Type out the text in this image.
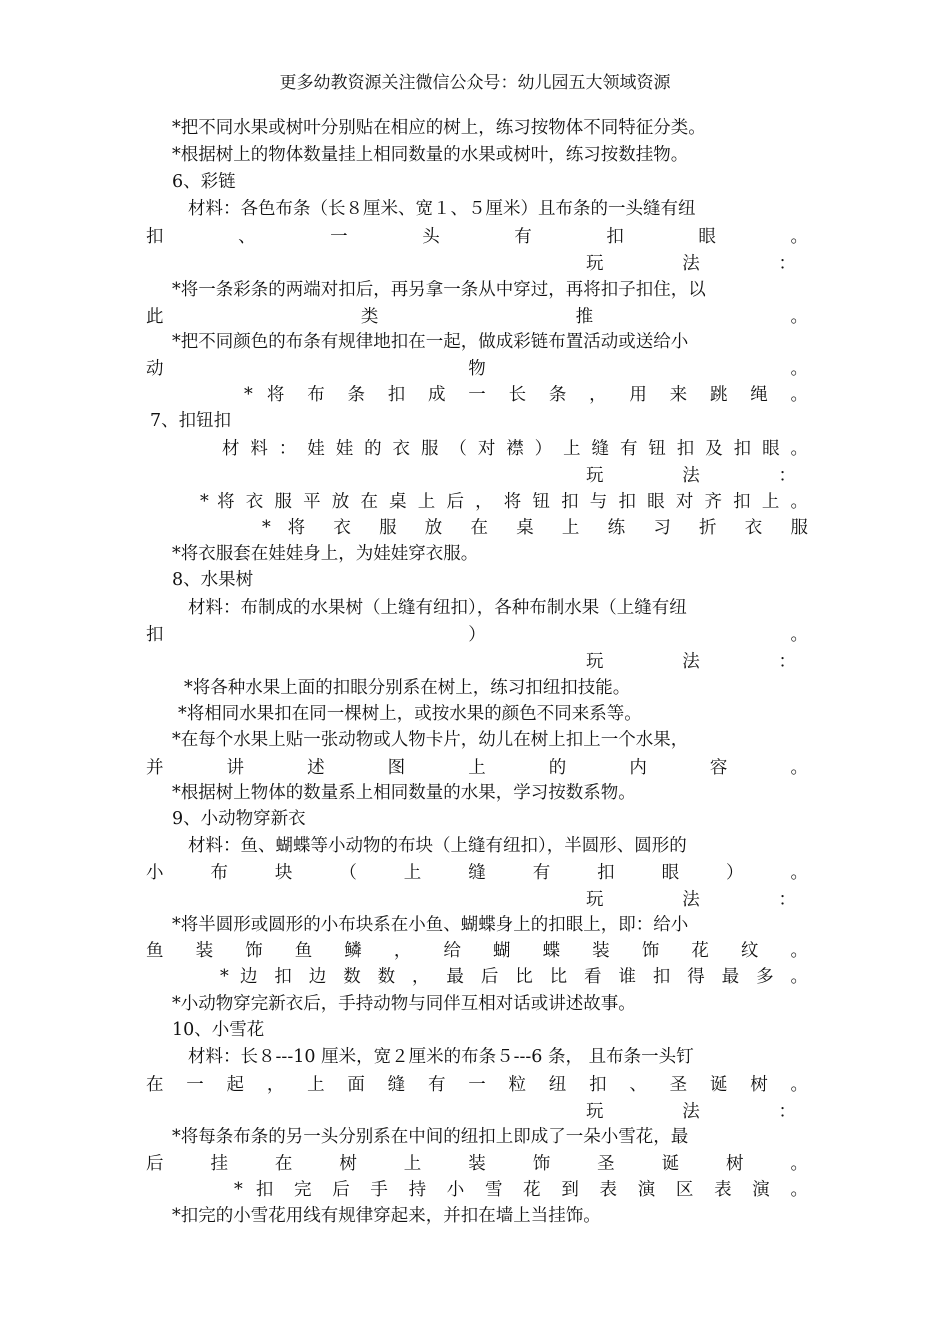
更多幼教资源关注微信公众号：幼儿园五大领域资源
*把不同水果或树叶分别贴在相应的树上，练习按物体不同特征分类。
*根据树上的物体数量挂上相同数量的水果或树叶，练习按数挂物。
6、彩链
材料：各色布条（长８厘米、宽１、５厘米）且布条的一头缝有纽
扣 、 一 头 有 扣 眼 。
玩 法 ：
*将一条彩条的两端对扣后，再另拿一条从中穿过，再将扣子扣住，以
此 类 推 。
*把不同颜色的布条有规律地扣在一起，做成彩链布置活动或送给小
动 物 。
* 将 布 条 扣 成 一 长 条 ， 用 来 跳 绳 。
7、扣钮扣
材 料 ： 娃 娃 的 衣 服 （ 对 襟 ） 上 缝 有 钮 扣 及 扣 眼 。
玩 法 ：
* 将 衣 服 平 放 在 桌 上 后 ， 将 钮 扣 与 扣 眼 对 齐 扣 上 。
* 将 衣 服 放 在 桌 上 练 习 折 衣 服
*将衣服套在娃娃身上，为娃娃穿衣服。
8、水果树
材料：布制成的水果树（上缝有纽扣），各种布制水果（上缝有纽
扣 ） 。
玩 法 ：
*将各种水果上面的扣眼分别系在树上，练习扣纽扣技能。
*将相同水果扣在同一棵树上，或按水果的颜色不同来系等。
*在每个水果上贴一张动物或人物卡片，幼儿在树上扣上一个水果，
并 讲 述 图 上 的 内 容 。
*根据树上物体的数量系上相同数量的水果，学习按数系物。
9、小动物穿新衣
材料：鱼、蝴蝶等小动物的布块（上缝有纽扣），半圆形、圆形的
小 布 块 （ 上 缝 有 扣 眼 ） 。
玩 法 ：
*将半圆形或圆形的小布块系在小鱼、蝴蝶身上的扣眼上，即：给小
鱼 装 饰 鱼 鳞 ， 给 蝴 蝶 装 饰 花 纹 。
* 边 扣 边 数 数 ， 最 后 比 比 看 谁 扣 得 最 多 。
*小动物穿完新衣后，手持动物与同伴互相对话或讲述故事。
10、小雪花
材料：长８---10 厘米，宽２厘米的布条５---6 条， 且布条一头钉
在 一 起 ， 上 面 缝 有 一 粒 纽 扣 、 圣 诞 树 。
玩 法 ：
*将每条布条的另一头分别系在中间的纽扣上即成了一朵小雪花，最
后 挂 在 树 上 装 饰 圣 诞 树 。
* 扣 完 后 手 持 小 雪 花 到 表 演 区 表 演 。
*扣完的小雪花用线有规律穿起来，并扣在墙上当挂饰。
